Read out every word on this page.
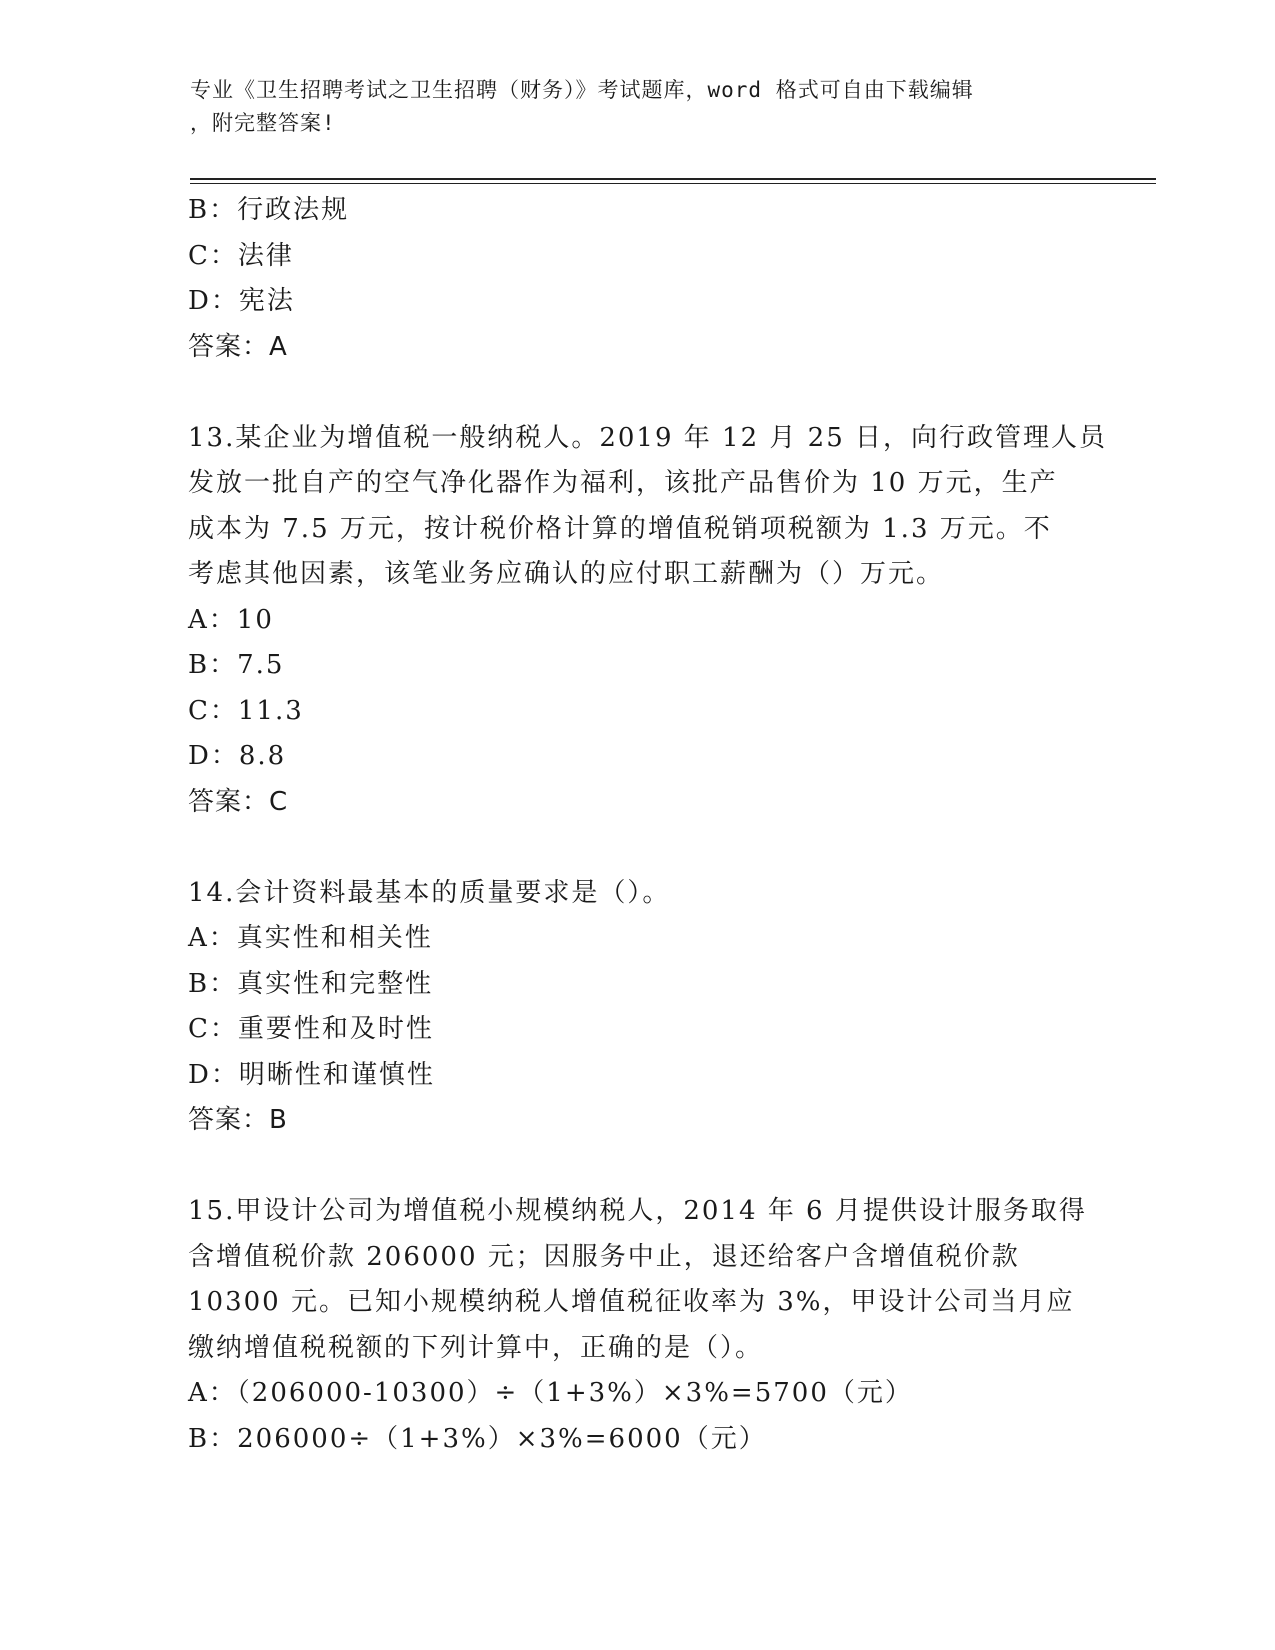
专业《卫生招聘考试之卫生招聘（财务）》考试题库，word 格式可自由下载编辑
，附完整答案!
B：行政法规
C：法律
D：宪法
答案：A
13.某企业为增值税一般纳税人。2019 年 12 月 25 日，向行政管理人员
发放一批自产的空气净化器作为福利，该批产品售价为 10 万元，生产
成本为 7.5 万元，按计税价格计算的增值税销项税额为 1.3 万元。不
考虑其他因素，该笔业务应确认的应付职工薪酬为（）万元。
A：10
B：7.5
C：11.3
D：8.8
答案：C
14.会计资料最基本的质量要求是（）。
A：真实性和相关性
B：真实性和完整性
C：重要性和及时性
D：明晰性和谨慎性
答案：B
15.甲设计公司为增值税小规模纳税人，2014 年 6 月提供设计服务取得
含增值税价款 206000 元；因服务中止，退还给客户含增值税价款
10300 元。已知小规模纳税人增值税征收率为 3%，甲设计公司当月应
缴纳增值税税额的下列计算中，正确的是（）。
A：（206000-10300）÷（1+3%）×3%=5700（元）
B：206000÷（1+3%）×3%=6000（元）
